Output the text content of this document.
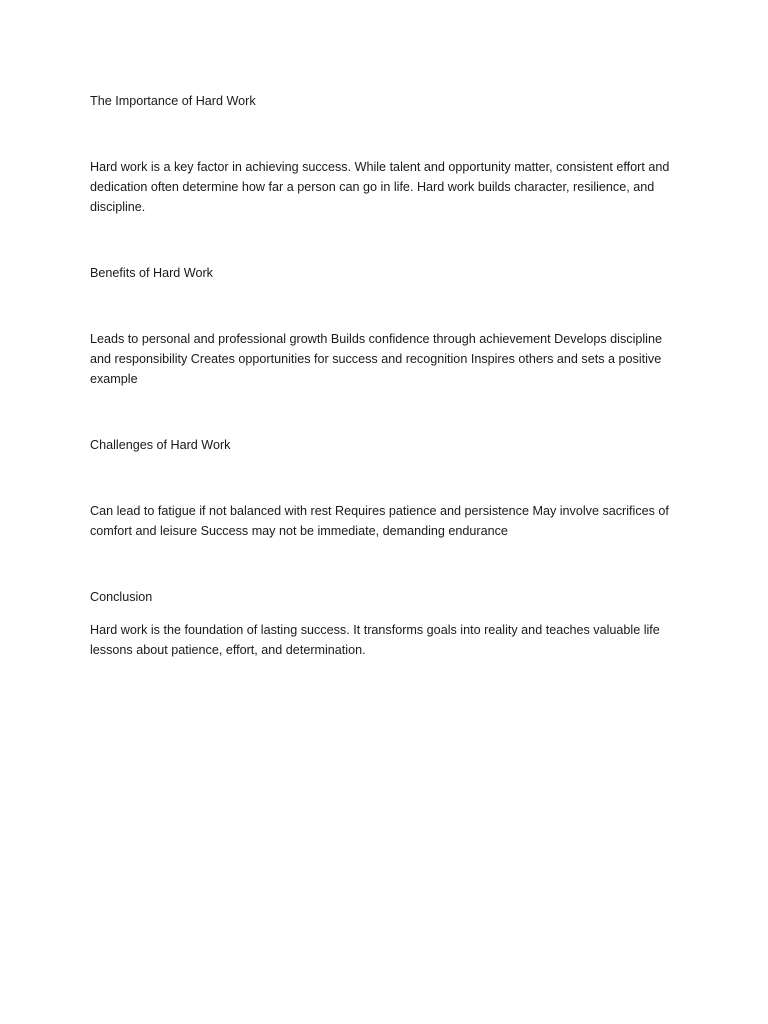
The Importance of Hard Work

Hard work is a key factor in achieving success. While talent and opportunity matter, consistent effort and dedication often determine how far a person can go in life. Hard work builds character, resilience, and discipline.

Benefits of Hard Work

Leads to personal and professional growth Builds confidence through achievement Develops discipline and responsibility Creates opportunities for success and recognition Inspires others and sets a positive example

Challenges of Hard Work

Can lead to fatigue if not balanced with rest Requires patience and persistence May involve sacrifices of comfort and leisure Success may not be immediate, demanding endurance

Conclusion

Hard work is the foundation of lasting success. It transforms goals into reality and teaches valuable life lessons about patience, effort, and determination.
